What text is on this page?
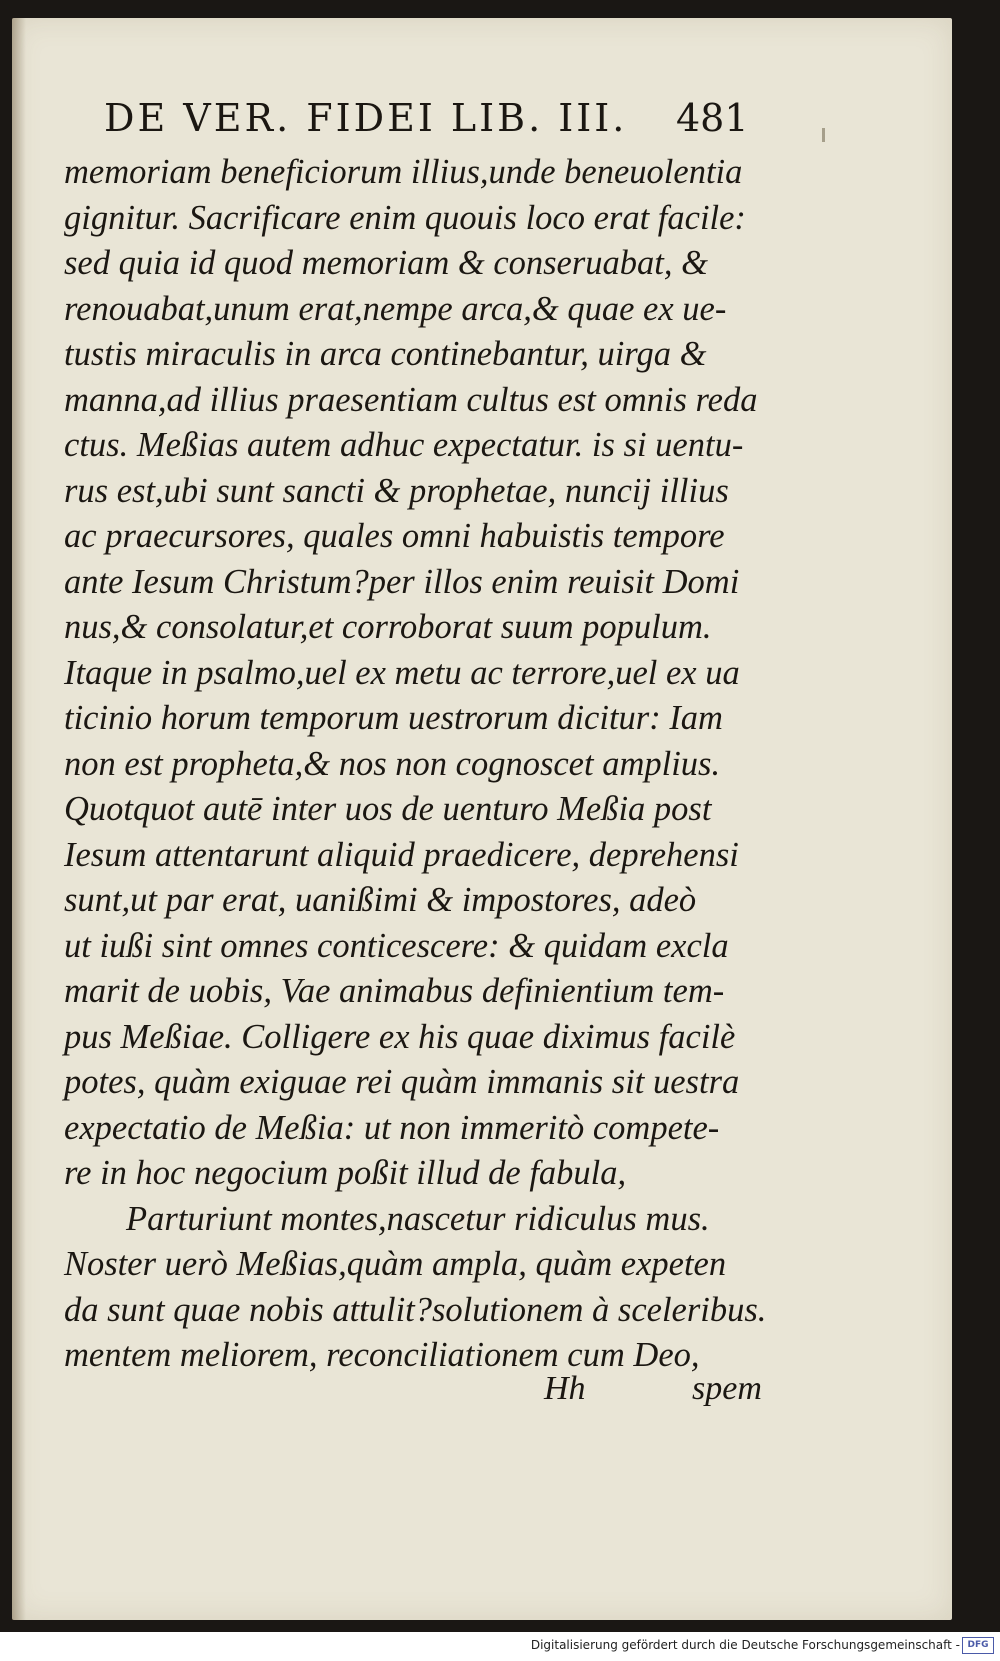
DE VER. FIDEI LIB. III.	481
memoriam beneficiorum illius,unde beneuolentia
gignitur. Sacrificare enim quouis loco erat facile:
sed quia id quod memoriam & conseruabat, &
renouabat,unum erat,nempe arca,& quae ex ue-
tustis miraculis in arca continebantur, uirga &
manna,ad illius praesentiam cultus est omnis reda
ctus. Meßias autem adhuc expectatur. is si uentu-
rus est,ubi sunt sancti & prophetae, nuncij illius
ac praecursores, quales omni habuistis tempore
ante Iesum Christum?per illos enim reuisit Domi
nus,& consolatur,et corroborat suum populum.
Itaque in psalmo,uel ex metu ac terrore,uel ex ua
ticinio horum temporum uestrorum dicitur: Iam
non est propheta,& nos non cognoscet amplius.
Quotquot autē inter uos de uenturo Meßia post
Iesum attentarunt aliquid praedicere, deprehensi
sunt,ut par erat, uanißimi & impostores, adeò
ut iußi sint omnes conticescere: & quidam excla
marit de uobis, Vae animabus definientium tem-
pus Meßiae. Colligere ex his quae diximus facilè
potes, quàm exiguae rei quàm immanis sit uestra
expectatio de Meßia: ut non immeritò compete-
re in hoc negocium poßit illud de fabula,
Parturiunt montes,nascetur ridiculus mus.
Noster uerò Meßias,quàm ampla, quàm expeten
da sunt quae nobis attulit?solutionem à sceleribus.
mentem meliorem, reconciliationem cum Deo,
Hh	spem
Digitalisierung gefördert durch die Deutsche Forschungsgemeinschaft - DFG
